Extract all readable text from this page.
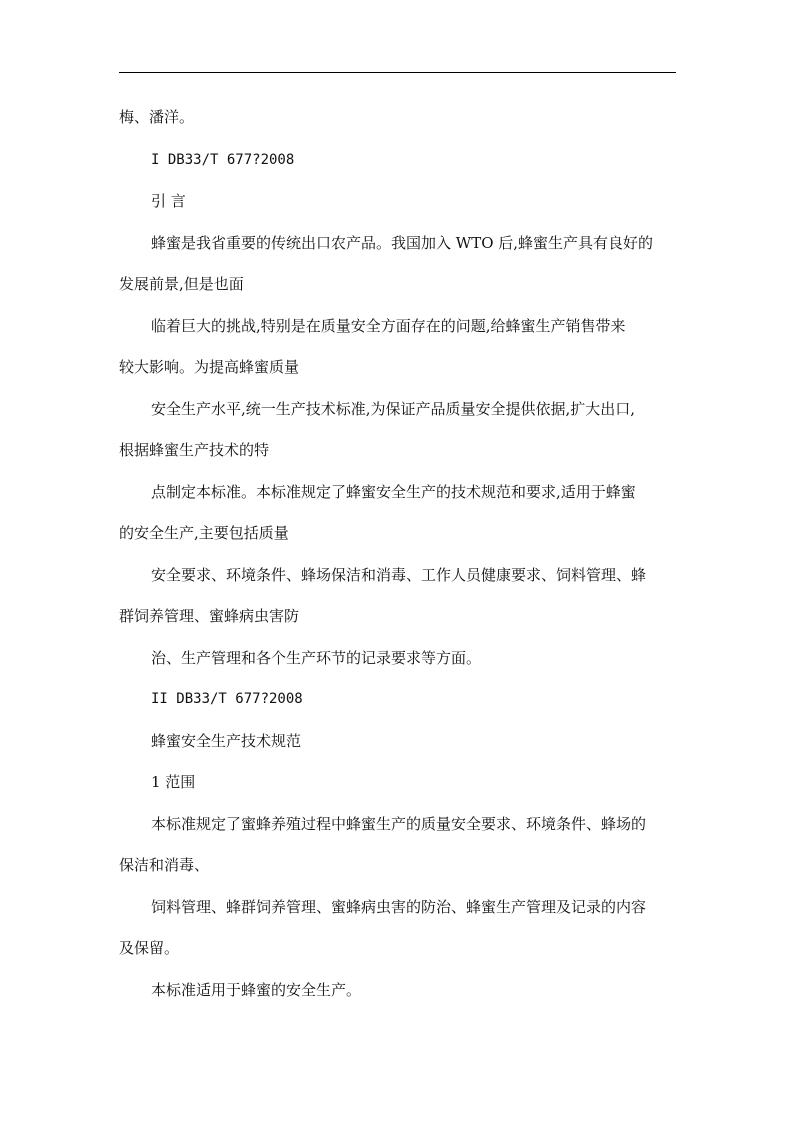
梅、潘洋。
I DB33/T 677?2008
引 言
蜂蜜是我省重要的传统出口农产品。我国加入 WTO 后,蜂蜜生产具有良好的
发展前景,但是也面
临着巨大的挑战,特别是在质量安全方面存在的问题,给蜂蜜生产销售带来
较大影响。为提高蜂蜜质量
安全生产水平,统一生产技术标准,为保证产品质量安全提供依据,扩大出口,
根据蜂蜜生产技术的特
点制定本标准。本标准规定了蜂蜜安全生产的技术规范和要求,适用于蜂蜜
的安全生产,主要包括质量
安全要求、环境条件、蜂场保洁和消毒、工作人员健康要求、饲料管理、蜂
群饲养管理、蜜蜂病虫害防
治、生产管理和各个生产环节的记录要求等方面。
II DB33/T 677?2008
蜂蜜安全生产技术规范
1 范围
本标准规定了蜜蜂养殖过程中蜂蜜生产的质量安全要求、环境条件、蜂场的
保洁和消毒、
饲料管理、蜂群饲养管理、蜜蜂病虫害的防治、蜂蜜生产管理及记录的内容
及保留。
本标准适用于蜂蜜的安全生产。
